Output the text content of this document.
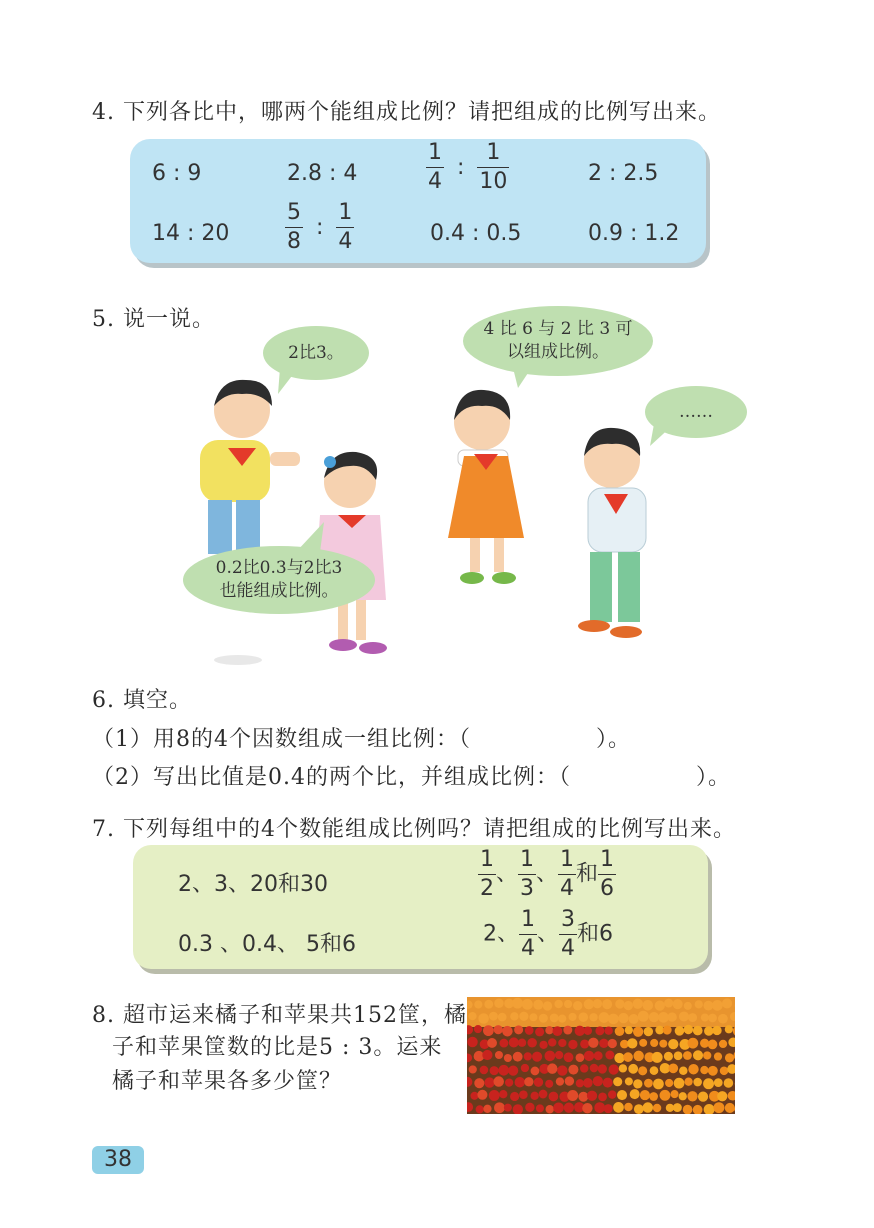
4. 下列各比中，哪两个能组成比例？请把组成的比例写出来。
6 : 9	2.8 : 4	$\frac{1}{4}$ : $\frac{1}{10}$	2 : 2.5
14 : 20	$\frac{5}{8}$ : $\frac{1}{4}$	0.4 : 0.5	0.9 : 1.2
5. 说一说。
2比3。
4 比 6 与 2 比 3 可
以组成比例。
……
0.2比0.3与2比3
也能组成比例。
6. 填空。
（1）用8的4个因数组成一组比例：（	）。
（2）写出比值是0.4的两个比，并组成比例：（	）。
7. 下列每组中的4个数能组成比例吗？请把组成的比例写出来。
2、3、20和30	$\frac{1}{2}$ 、 $\frac{1}{3}$ 、 $\frac{1}{4}$ 和 $\frac{1}{6}$
0.3 、0.4、 5和6	2、 $\frac{1}{4}$ 、 $\frac{3}{4}$ 和6
8. 超市运来橘子和苹果共152筐，橘
子和苹果筐数的比是5 : 3。运来
橘子和苹果各多少筐？
38
